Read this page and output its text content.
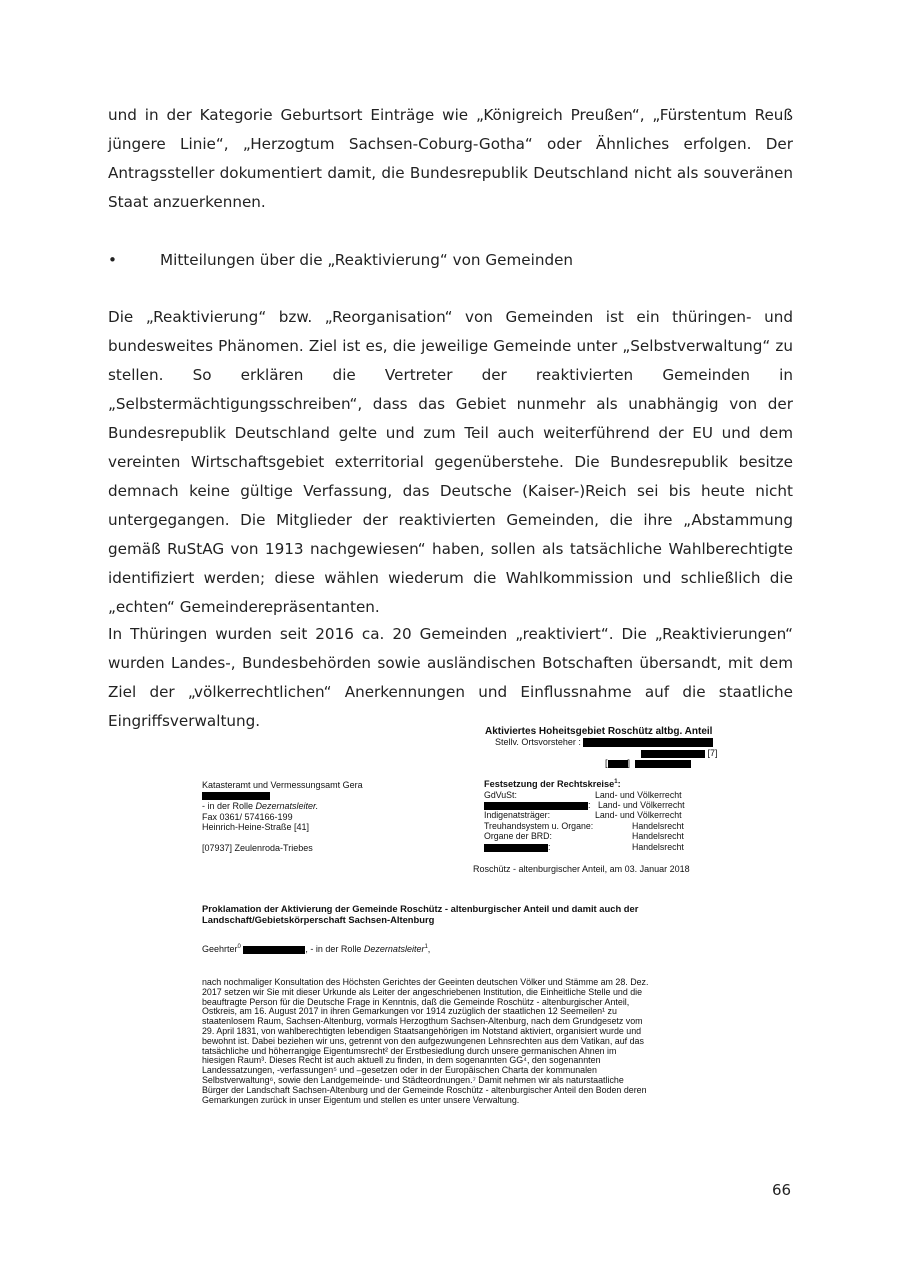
und in der Kategorie Geburtsort Einträge wie „Königreich Preußen“, „Fürstentum Reuß jüngere Linie“, „Herzogtum Sachsen-Coburg-Gotha“ oder Ähnliches erfolgen. Der Antragssteller dokumentiert damit, die Bundesrepublik Deutschland nicht als souveränen Staat anzuerkennen.

•	Mitteilungen über die „Reaktivierung“ von Gemeinden

Die „Reaktivierung“ bzw. „Reorganisation“ von Gemeinden ist ein thüringen- und bundesweites Phänomen. Ziel ist es, die jeweilige Gemeinde unter „Selbstverwaltung“ zu stellen. So erklären die Vertreter der reaktivierten Gemeinden in „Selbstermächtigungsschreiben“, dass das Gebiet nunmehr als unabhängig von der Bundesrepublik Deutschland gelte und zum Teil auch weiterführend der EU und dem vereinten Wirtschaftsgebiet exterritorial gegenüberstehe. Die Bundesrepublik besitze demnach keine gültige Verfassung, das Deutsche (Kaiser-)Reich sei bis heute nicht untergegangen. Die Mitglieder der reaktivierten Gemeinden, die ihre „Abstammung gemäß RuStAG von 1913 nachgewiesen“ haben, sollen als tatsächliche Wahlberechtigte identifiziert werden; diese wählen wiederum die Wahlkommission und schließlich die „echten“ Gemeinderepräsentanten.

In Thüringen wurden seit 2016 ca. 20 Gemeinden „reaktiviert“. Die „Reaktivierungen“ wurden Landes-, Bundesbehörden sowie ausländischen Botschaften übersandt, mit dem Ziel der „völkerrechtlichen“ Anerkennungen und Einflussnahme auf die staatliche Eingriffsverwaltung.

Aktiviertes Hoheitsgebiet Roschütz altbg. Anteil
Stellv. Ortsvorsteher :
[7]
[ ]
Katasteramt und Vermessungsamt Gera
- in der Rolle Dezernatsleiter.
Fax 0361/ 574166-199
Heinrich-Heine-Straße [41]
[07937] Zeulenroda-Triebes
Festsetzung der Rechtskreise$^1$:
GdVuSt:	Land- und Völkerrecht
: Land- und Völkerrecht
Indigenatsträger:	Land- und Völkerrecht
Treuhandsystem u. Organe:	Handelsrecht
Organe der BRD:	Handelsrecht
:	Handelsrecht
Roschütz - altenburgischer Anteil, am 03. Januar 2018
Proklamation der Aktivierung der Gemeinde Roschütz - altenburgischer Anteil und damit auch der
Landschaft/Gebietskörperschaft Sachsen-Altenburg
Geehrter$^0$	, - in der Rolle Dezernatsleiter$^1$,
nach nochmaliger Konsultation des Höchsten Gerichtes der Geeinten deutschen Völker und Stämme am 28. Dez.
2017 setzen wir Sie mit dieser Urkunde als Leiter der angeschriebenen Institution, die Einheitliche Stelle und die
beauftragte Person für die Deutsche Frage in Kenntnis, daß die Gemeinde Roschütz - altenburgischer Anteil,
Ostkreis, am 16. August 2017 in ihren Gemarkungen vor 1914 zuzüglich der staatlichen 12 Seemeilen¹ zu
staatenlosem Raum, Sachsen-Altenburg, vormals Herzogthum Sachsen-Altenburg, nach dem Grundgesetz vom
29. April 1831, von wahlberechtigten lebendigen Staatsangehörigen im Notstand aktiviert, organisiert wurde und
bewohnt ist. Dabei beziehen wir uns, getrennt von den aufgezwungenen Lehnsrechten aus dem Vatikan, auf das
tatsächliche und höherrangige Eigentumsrecht² der Erstbesiedlung durch unsere germanischen Ahnen im
hiesigen Raum³. Dieses Recht ist auch aktuell zu finden, in dem sogenannten GG⁴, den sogenannten
Landessatzungen, -verfassungen⁵ und –gesetzen oder in der Europäischen Charta der kommunalen
Selbstverwaltung⁶, sowie den Landgemeinde- und Städteordnungen.⁷ Damit nehmen wir als naturstaatliche
Bürger der Landschaft Sachsen-Altenburg und der Gemeinde Roschütz - altenburgischer Anteil den Boden deren
Gemarkungen zurück in unser Eigentum und stellen es unter unsere Verwaltung.
66
